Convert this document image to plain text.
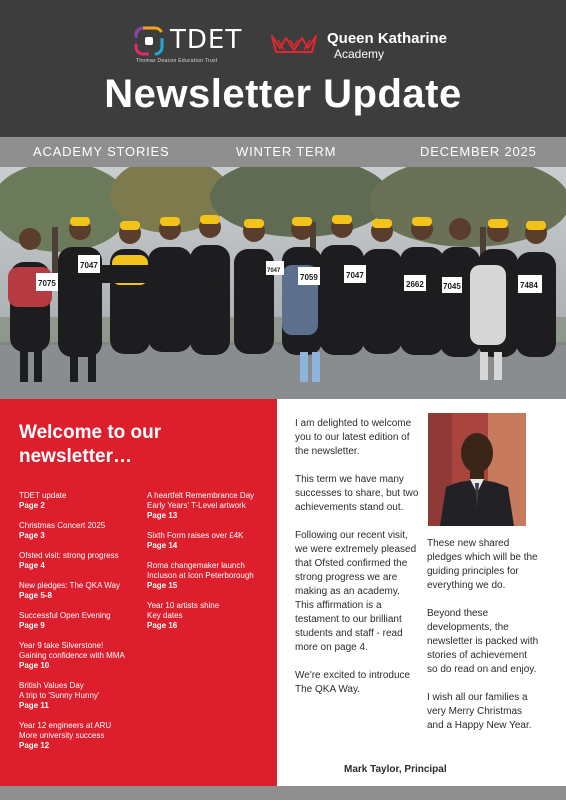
TDET
Thomas Deacon Education Trust
Queen Katharine
Academy
Newsletter Update
ACADEMY STORIES	WINTER TERM	DECEMBER 2025
7075
7047
7059	7047
7047
2662 7045	7484
Welcome to our
newsletter…
TDET update
Page 2
Christmas Concert 2025
Page 3
Ofsted visit: strong progress
Page 4
New pledges: The QKA Way
Page 5-8
Successful Open Evening
Page 9
Year 9 take Silverstone!
Gaining confidence with MMA
Page 10
British Values Day
A trip to 'Sunny Hunny'
Page 11
Year 12 engineers at ARU
More university success
Page 12
A heartfelt Remembrance Day
Early Years' T-Level artwork
Page 13
Sixth Form raises over £4K
Page 14
Roma changemaker launch
Incluson at Icon Peterborough
Page 15
Year 10 artists shine
Key dates
Page 16

I am delighted to welcome you to our latest edition of the newsletter.

This term we have many successes to share, but two achievements stand out.

Following our recent visit, we were extremely pleased that Ofsted confirmed the strong progress we are making as an academy. This affirmation is a testament to our brilliant students and staff - read more on page 4.

We're excited to introduce The QKA Way.

These new shared pledges which will be the guiding principles for everything we do.

Beyond these developments, the newsletter is packed with stories of achievement so do read on and enjoy.

I wish all our families a very Merry Christmas and a Happy New Year.

Mark Taylor, Principal
